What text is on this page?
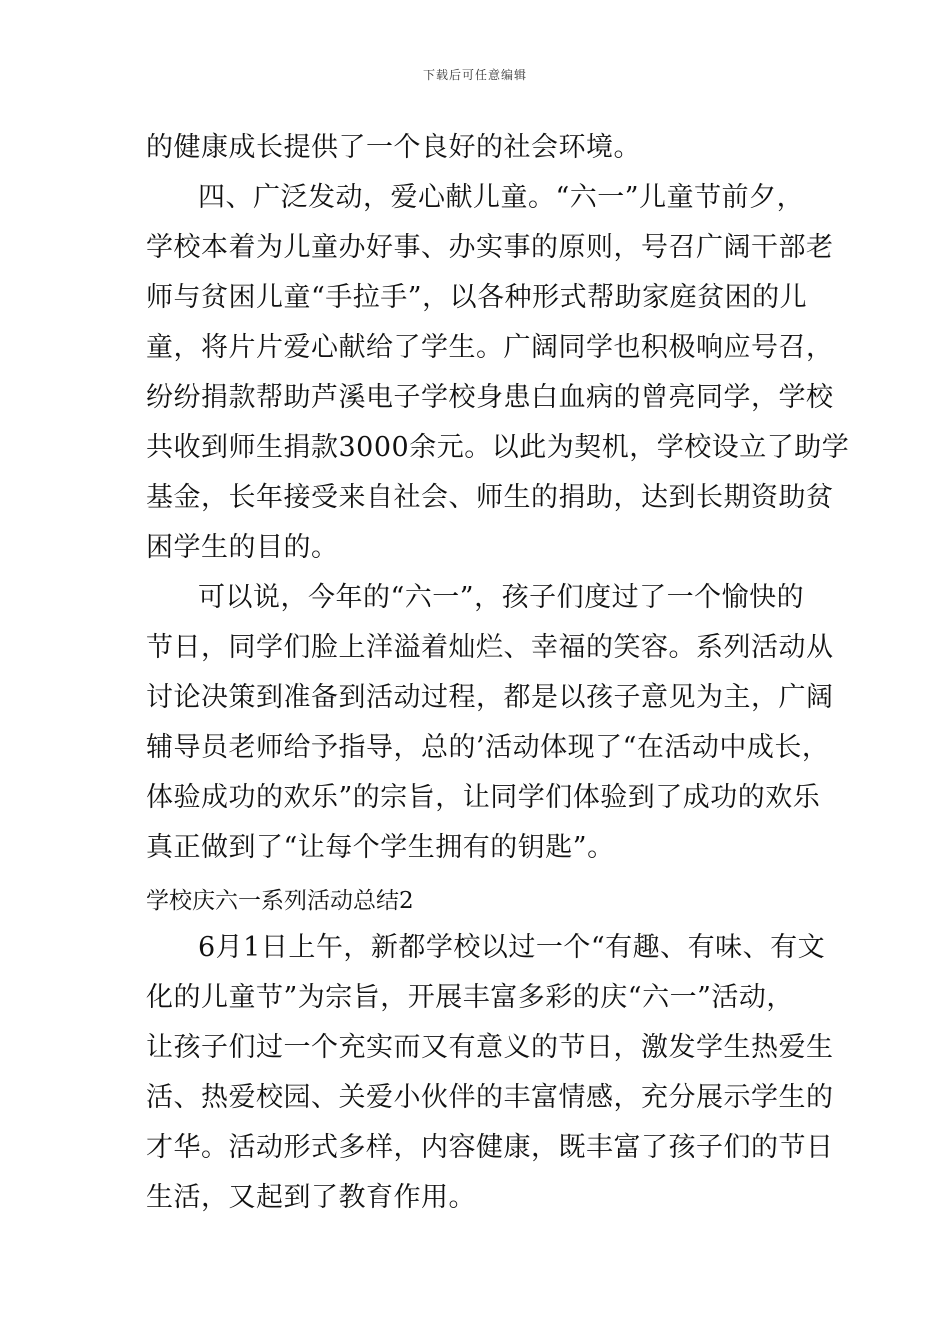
下载后可任意编辑
的健康成长提供了一个良好的社会环境。
四、广泛发动，爱心献儿童。“六一”儿童节前夕，
学校本着为儿童办好事、办实事的原则，号召广阔干部老
师与贫困儿童“手拉手”，以各种形式帮助家庭贫困的儿
童，将片片爱心献给了学生。广阔同学也积极响应号召，
纷纷捐款帮助芦溪电子学校身患白血病的曾亮同学，学校
共收到师生捐款3000余元。以此为契机，学校设立了助学
基金，长年接受来自社会、师生的捐助，达到长期资助贫
困学生的目的。
可以说，今年的“六一”，孩子们度过了一个愉快的
节日，同学们脸上洋溢着灿烂、幸福的笑容。系列活动从
讨论决策到准备到活动过程，都是以孩子意见为主，广阔
辅导员老师给予指导，总的’活动体现了“在活动中成长，
体验成功的欢乐”的宗旨，让同学们体验到了成功的欢乐
真正做到了“让每个学生拥有的钥匙”。
学校庆六一系列活动总结2
6月1日上午，新都学校以过一个“有趣、有味、有文
化的儿童节”为宗旨，开展丰富多彩的庆“六一”活动，
让孩子们过一个充实而又有意义的节日，激发学生热爱生
活、热爱校园、关爱小伙伴的丰富情感，充分展示学生的
才华。活动形式多样，内容健康，既丰富了孩子们的节日
生活，又起到了教育作用。
